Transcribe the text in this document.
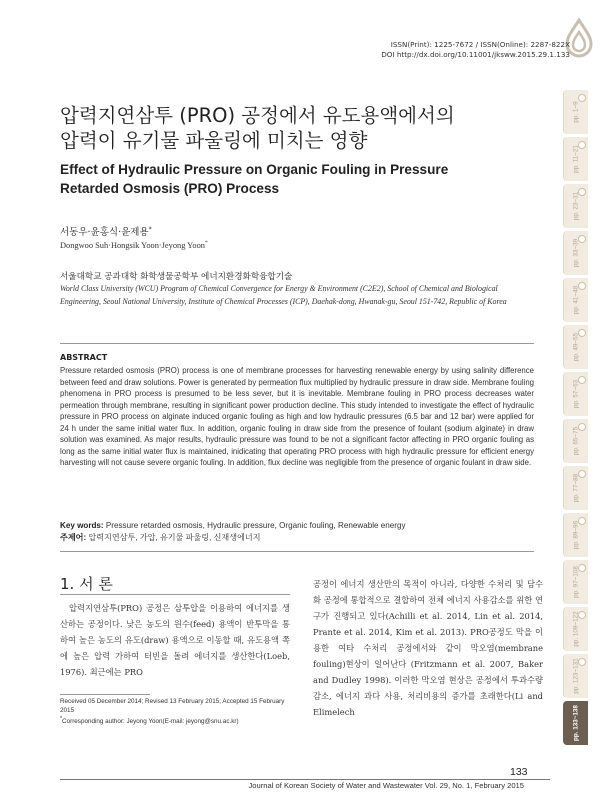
ISSN(Print): 1225-7672 / ISSN(Online): 2287-822X
DOI http://dx.doi.org/10.11001/jksww.2015.29.1.133
압력지연삼투 (PRO) 공정에서 유도용액에서의
압력이 유기물 파울링에 미치는 영향
Effect of Hydraulic Pressure on Organic Fouling in Pressure
Retarded Osmosis (PRO) Process
서동우·윤홍식·윤제용*
Dongwoo Suh·Hongsik Yoon·Jeyong Yoon*
서울대학교 공과대학 화학생물공학부 에너지환경화학융합기술
World Class University (WCU) Program of Chemical Convergence for Energy & Environment (C2E2), School of Chemical and Biological Engineering, Seoul National University, Institute of Chemical Processes (ICP), Daehak-dong, Hwanak-gu, Seoul 151-742, Republic of Korea
ABSTRACT
Pressure retarded osmosis (PRO) process is one of membrane processes for harvesting renewable energy by using salinity difference between feed and draw solutions. Power is generated by permeation flux multiplied by hydraulic pressure in draw side. Membrane fouling phenomena in PRO process is presumed to be less sever, but it is inevitable. Membrane fouling in PRO process decreases water permeation through membrane, resulting in significant power production decline. This study intended to investigate the effect of hydraulic pressure in PRO process on alginate induced organic fouling as high and low hydraulic pressures (6.5 bar and 12 bar) were applied for 24 h under the same initial water flux. In addition, organic fouling in draw side from the presence of foulant (sodium alginate) in draw solution was examined. As major results, hydraulic pressure was found to be not a significant factor affecting in PRO organic fouling as long as the same initial water flux is maintained, inidicating that operating PRO process with high hydraulic pressure for efficient energy harvesting will not cause severe organic fouling. In addition, flux decline was negligible from the presence of organic foulant in draw side.
Key words: Pressure retarded osmosis, Hydraulic pressure, Organic fouling, Renewable energy
주제어: 압력지연삼투, 가압, 유기물 파울링, 신재생에너지
1. 서 론
압력지연삼투(PRO) 공정은 삼투압을 이용하여 에너지를 생산하는 공정이다. 낮은 농도의 원수(feed) 용액이 반투막을 통하여 높은 농도의 유도(draw) 용액으로 이동할 때, 유도용액 쪽에 높은 압력 가하여 터빈을 돌려 에너지를 생산한다(Loeb, 1976). 최근에는 PRO
공정이 에너지 생산만의 목적이 아니라, 다양한 수처리 및 담수화 공정에 통합적으로 결합하여 전체 에너지 사용감소를 위한 연구가 진행되고 있다(Achilli et al. 2014, Lin et al. 2014, Prante et al. 2014, Kim et al. 2013). PRO공정도 막을 이용한 여타 수처리 공정에서와 같이 막오염(membrane fouling)현상이 일어난다 (Fritzmann et al. 2007, Baker and Dudley 1998). 이러한 막오염 현상은 공정에서 투과수량 감소, 에너지 과다 사용, 처리비용의 증가를 초래한다(Li and Elimelech
Received 05 December 2014; Revised 13 February 2015; Accepted 15 February 2015
*Corresponding author: Jeyong Yoon(E-mail: jeyong@snu.ac.kr)
133
Journal of Korean Society of Water and Wastewater Vol. 29, No. 1, February 2015
pp. 1~9
pp. 11~21
pp. 23~31
pp. 33~39
pp. 41~48
pp. 49~55
pp. 57~63
pp. 65~75
pp. 77~88
pp. 89~96
pp. 97~108
pp. 109~122
pp. 123~131
pp. 133~138
